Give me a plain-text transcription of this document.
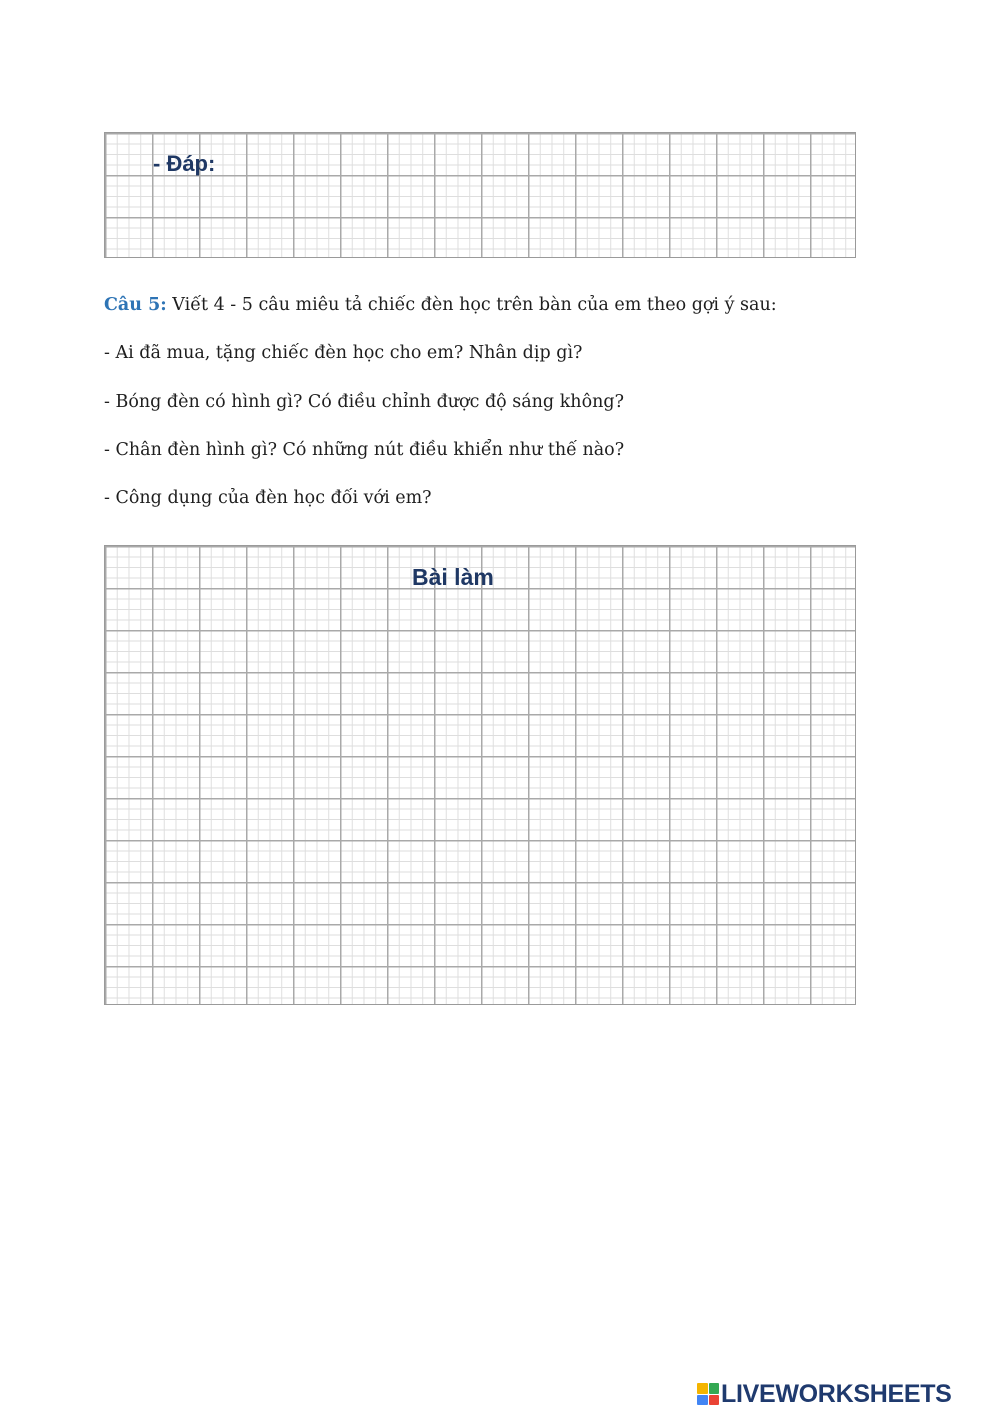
- Đáp:
Câu 5: Viết 4 - 5 câu miêu tả chiếc đèn học trên bàn của em theo gợi ý sau:
- Ai đã mua, tặng chiếc đèn học cho em? Nhân dịp gì?
- Bóng đèn có hình gì? Có điều chỉnh được độ sáng không?
- Chân đèn hình gì? Có những nút điều khiển như thế nào?
- Công dụng của đèn học đối với em?
Bài làm
LIVEWORKSHEETS
